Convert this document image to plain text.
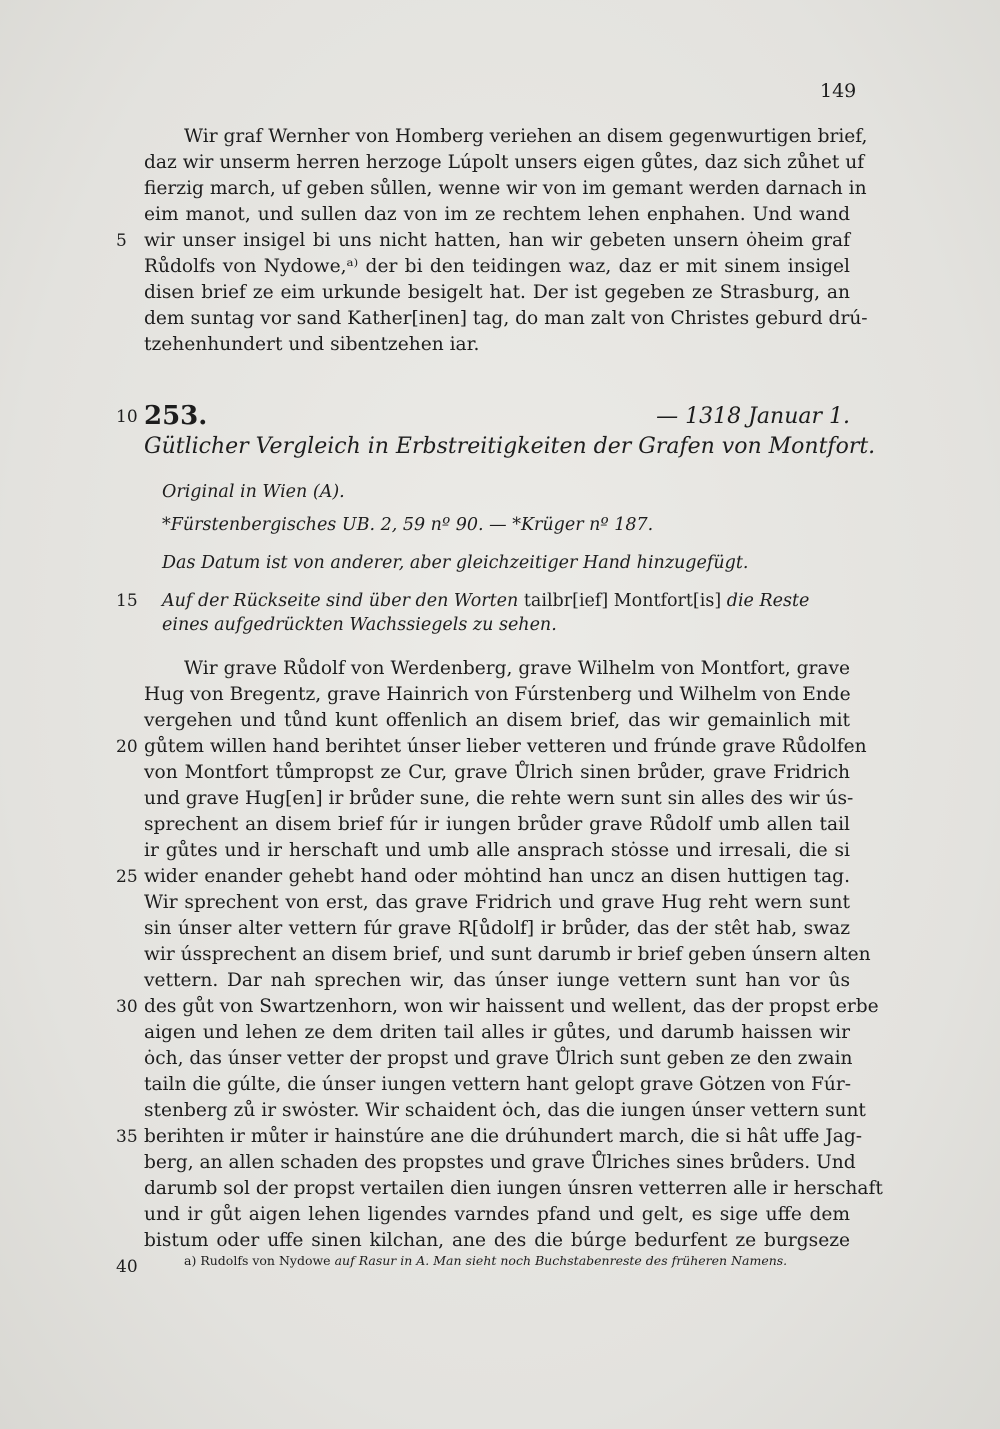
149
Wir graf Wernher von Homberg veriehen an disem gegenwurtigen brief,
daz wir unserm herren herzoge Lúpolt unsers eigen gůtes, daz sich zůhet uf
fierzig march, uf geben sůllen, wenne wir von im gemant werden darnach in
eim manot, und sullen daz von im ze rechtem lehen enphahen. Und wand
wir unser insigel bi uns nicht hatten, han wir gebeten unsern ȯheim graf
Růdolfs von Nydowe,ᵃ⁾ der bi den teidingen waz, daz er mit sinem insigel
disen brief ze eim urkunde besigelt hat. Der ist gegeben ze Strasburg, an
dem suntag vor sand Kather[inen] tag, do man zalt von Christes geburd drú-
tzehenhundert und sibentzehen iar.
5
10 253.	— 1318 Januar 1.
Gütlicher Vergleich in Erbstreitigkeiten der Grafen von Montfort.
Original in Wien (A).
*Fürstenbergisches UB. 2, 59 nº 90. — *Krüger nº 187.
Das Datum ist von anderer, aber gleichzeitiger Hand hinzugefügt.
15 Auf der Rückseite sind über den Worten tailbr[ief] Montfort[is] die Reste
eines aufgedrückten Wachssiegels zu sehen.
Wir grave Růdolf von Werdenberg, grave Wilhelm von Montfort, grave
Hug von Bregentz, grave Hainrich von Fúrstenberg und Wilhelm von Ende
vergehen und tůnd kunt offenlich an disem brief, das wir gemainlich mit
gůtem willen hand berihtet únser lieber vetteren und frúnde grave Růdolfen
von Montfort tůmpropst ze Cur, grave Ůlrich sinen brůder, grave Fridrich
und grave Hug[en] ir brůder sune, die rehte wern sunt sin alles des wir ús-
sprechent an disem brief fúr ir iungen brůder grave Růdolf umb allen tail
ir gůtes und ir herschaft und umb alle ansprach stȯsse und irresali, die si
wider enander gehebt hand oder mȯhtind han uncz an disen huttigen tag.
Wir sprechent von erst, das grave Fridrich und grave Hug reht wern sunt
sin únser alter vettern fúr grave R[ůdolf] ir brůder, das der stêt hab, swaz
wir ússprechent an disem brief, und sunt darumb ir brief geben únsern alten
vettern. Dar nah sprechen wir, das únser iunge vettern sunt han vor ûs
des gůt von Swartzenhorn, won wir haissent und wellent, das der propst erbe
aigen und lehen ze dem driten tail alles ir gůtes, und darumb haissen wir
ȯch, das únser vetter der propst und grave Ůlrich sunt geben ze den zwain
tailn die gúlte, die únser iungen vettern hant gelopt grave Gȯtzen von Fúr-
stenberg zů ir swȯster. Wir schaident ȯch, das die iungen únser vettern sunt
berihten ir můter ir hainstúre ane die drúhundert march, die si hât uffe Jag-
berg, an allen schaden des propstes und grave Ůlriches sines brůders. Und
darumb sol der propst vertailen dien iungen únsren vetterren alle ir herschaft
und ir gůt aigen lehen ligendes varndes pfand und gelt, es sige uffe dem
bistum oder uffe sinen kilchan, ane des die búrge bedurfent ze burgseze
20
25
30
35
40	a) Rudolfs von Nydowe auf Rasur in A. Man sieht noch Buchstabenreste des früheren Namens.
